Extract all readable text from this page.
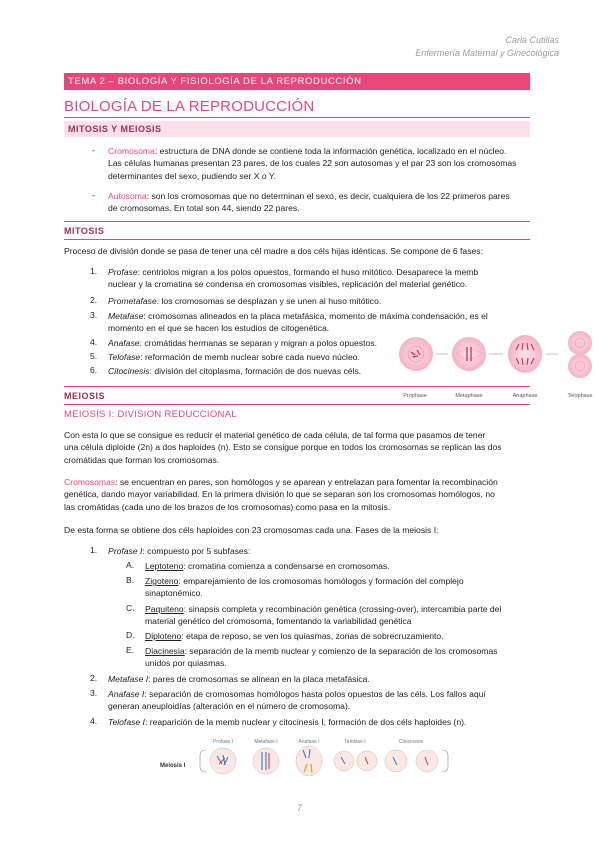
Carla Cutillas
Enfermería Maternal y Ginecológica
TEMA 2 – BIOLOGÍA Y FISIOLOGÍA DE LA REPRODUCCIÓN
BIOLOGÍA DE LA REPRODUCCIÓN
MITOSIS Y MEIOSIS
- Cromosoma: estructura de DNA donde se contiene toda la información genética, localizado en el núcleo.
Las células humanas presentan 23 pares, de los cuales 22 son autosomas y el par 23 son los cromosomas
determinantes del sexo, pudiendo ser X o Y.
- Autosoma: son los cromosomas que no determinan el sexo, es decir, cualquiera de los 22 primeros pares
de cromosomas. En total son 44, siendo 22 pares.
MITOSIS
Proceso de división donde se pasa de tener una cél madre a dos céls hijas idénticas. Se compone de 6 fases:
1. Profase: centriolos migran a los polos opuestos, formando el huso mitótico. Desaparece la memb
nuclear y la cromatina se condensa en cromosomas visibles, replicación del material genético.
2. Prometafase: los cromosomas se desplazan y se unen al huso mitótico.
3. Metafase: cromosomas alineados en la placa metafásica, momento de máxima condensación, es el
momento en el que se hacen los estudios de citogenética.
4. Anafase: cromátidas hermanas se separan y migran a polos opuestos.
5. Telofase: reformación de memb nuclear sobre cada nuevo núcleo.
6. Citocinesis: división del citoplasma, formación de dos nuevas céls.
Prophase	Metaphase	Anaphase	Telophase
MEIOSIS
MEIOSIS I: DIVISION REDUCCIONAL
Con esta lo que se consigue es reducir el material genético de cada célula, de tal forma que pasamos de tener
una célula diploide (2n) a dos haploides (n). Esto se consigue porque en todos los cromosomas se replican las dos
cromátidas que forman los cromosomas.
Cromosomas: se encuentran en pares, son homólogos y se aparean y entrelazan para fomentar la recombinación
genética, dando mayor variabilidad. En la primera división lo que se separan son los cromosomas homólogos, no
las cromátidas (cada uno de los brazos de los cromosomas) como pasa en la mitosis.
De esta forma se obtiene dos céls haploides con 23 cromosomas cada una. Fases de la meiosis I:
1. Profase I: compuesto por 5 subfases:
A. Leptoteno: cromatina comienza a condensarse en cromosomas.
B. Zigoteno: emparejamiento de los cromosomas homólogos y formación del complejo
sinaptonémico.
C. Paquiteno: sinapsis completa y recombinación genética (crossing-over), intercambia parte del
material genético del cromosoma, fomentando la variabilidad genética
D. Diploteno: etapa de reposo, se ven los quiasmas, zonas de sobrecruzamiento.
E. Diacinesia: separación de la memb nuclear y comienzo de la separación de los cromosomas
unidos por quiasmas.
2. Metafase I: pares de cromosomas se alinean en la placa metafásica.
3. Anafase I: separación de cromosomas homólogos hasta polos opuestos de las céls. Los fallos aquí
generan aneuploidías (alteración en el número de cromosoma).
4. Telofase I: reaparición de la memb nuclear y citocinesis I, formación de dos céls haploides (n).
Meiosis I
Profase I	Metafase I	Anafase I	Telofase I	Citocinesis
7
